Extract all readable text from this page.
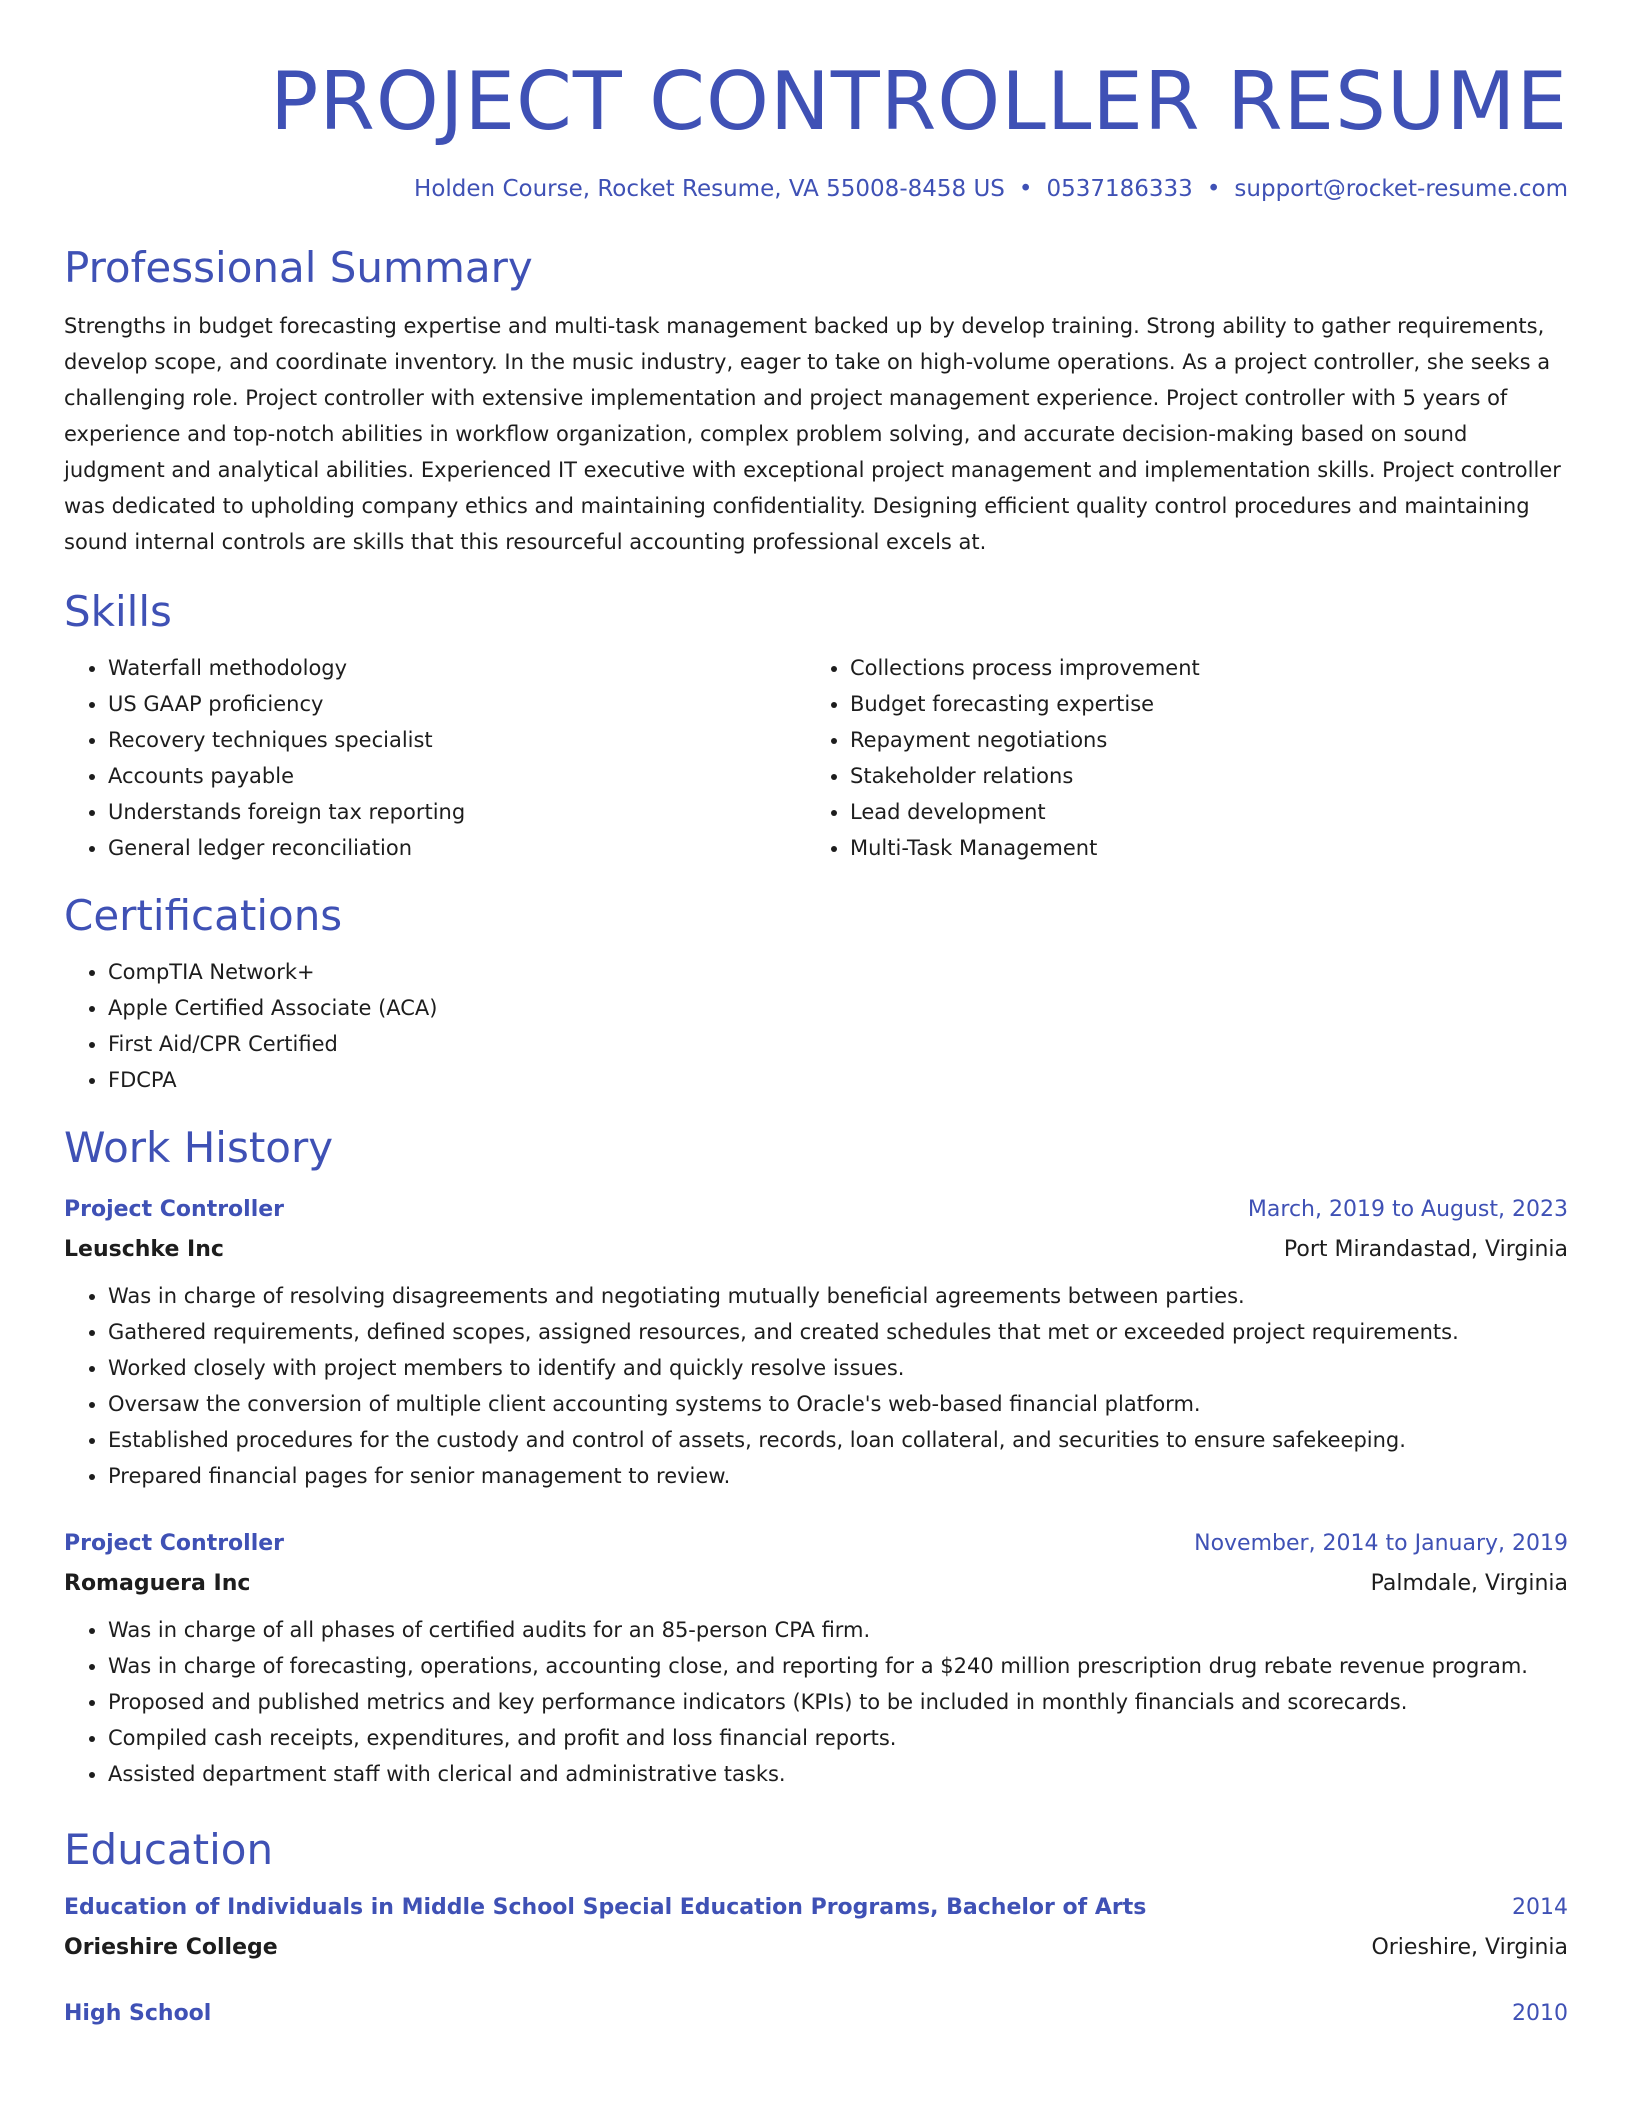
PROJECT CONTROLLER RESUME
Holden Course, Rocket Resume, VA 55008-8458 US • 0537186333 • support@rocket-resume.com
Professional Summary

Strengths in budget forecasting expertise and multi-task management backed up by develop training. Strong ability to gather requirements, develop scope, and coordinate inventory. In the music industry, eager to take on high-volume operations. As a project controller, she seeks a challenging role. Project controller with extensive implementation and project management experience. Project controller with 5 years of experience and top-notch abilities in workflow organization, complex problem solving, and accurate decision-making based on sound judgment and analytical abilities. Experienced IT executive with exceptional project management and implementation skills. Project controller was dedicated to upholding company ethics and maintaining confidentiality. Designing efficient quality control procedures and maintaining sound internal controls are skills that this resourceful accounting professional excels at.

Skills
• Waterfall methodology
• US GAAP proficiency
• Recovery techniques specialist
• Accounts payable
• Understands foreign tax reporting
• General ledger reconciliation
• Collections process improvement
• Budget forecasting expertise
• Repayment negotiations
• Stakeholder relations
• Lead development
• Multi-Task Management
Certifications
• CompTIA Network+
• Apple Certified Associate (ACA)
• First Aid/CPR Certified
• FDCPA
Work History
Project Controller	March, 2019 to August, 2023
Leuschke Inc	Port Mirandastad, Virginia
• Was in charge of resolving disagreements and negotiating mutually beneficial agreements between parties.
• Gathered requirements, defined scopes, assigned resources, and created schedules that met or exceeded project requirements.
• Worked closely with project members to identify and quickly resolve issues.
• Oversaw the conversion of multiple client accounting systems to Oracle's web-based financial platform.
• Established procedures for the custody and control of assets, records, loan collateral, and securities to ensure safekeeping.
• Prepared financial pages for senior management to review.
Project Controller	November, 2014 to January, 2019
Romaguera Inc	Palmdale, Virginia
• Was in charge of all phases of certified audits for an 85-person CPA firm.
• Was in charge of forecasting, operations, accounting close, and reporting for a $240 million prescription drug rebate revenue program.
• Proposed and published metrics and key performance indicators (KPIs) to be included in monthly financials and scorecards.
• Compiled cash receipts, expenditures, and profit and loss financial reports.
• Assisted department staff with clerical and administrative tasks.
Education
Education of Individuals in Middle School Special Education Programs, Bachelor of Arts	2014
Orieshire College	Orieshire, Virginia
High School	2010
